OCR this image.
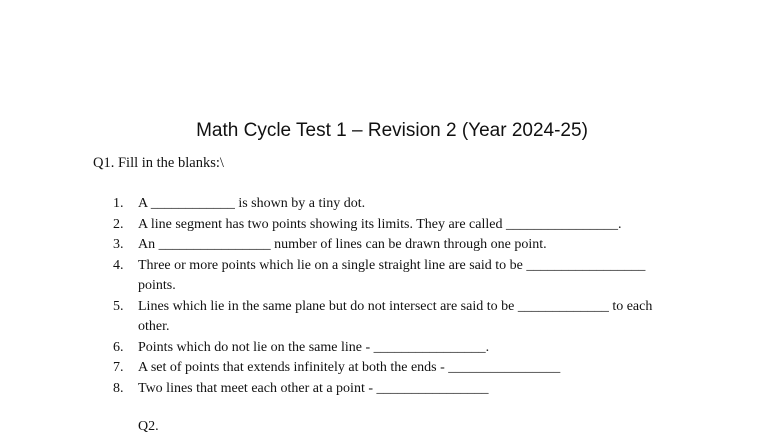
Math Cycle Test 1 – Revision 2 (Year 2024-25)
Q1. Fill in the blanks:\
1. A ____________ is shown by a tiny dot.
2. A line segment has two points showing its limits. They are called ________________.
3. An ________________ number of lines can be drawn through one point.
4. Three or more points which lie on a single straight line are said to be _________________ points.
5. Lines which lie in the same plane but do not intersect are said to be _____________ to each other.
6. Points which do not lie on the same line - ________________.
7. A set of points that extends infinitely at both the ends - ________________
8. Two lines that meet each other at a point - ________________
Q2.
